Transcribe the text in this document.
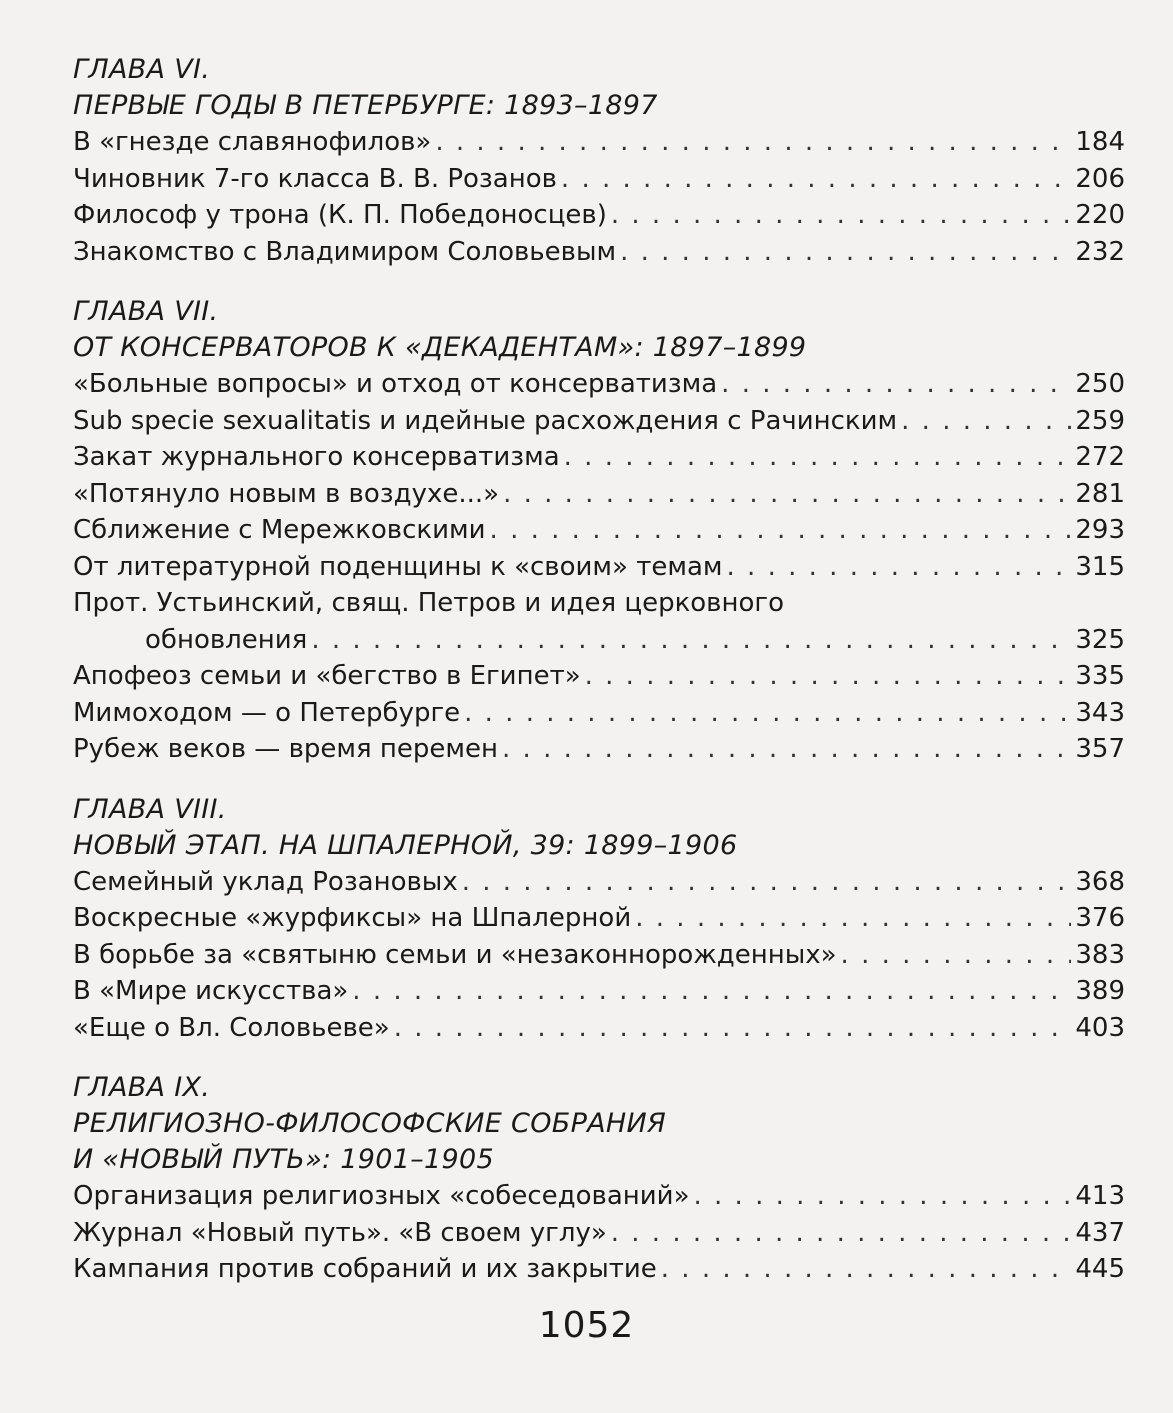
ГЛАВА VI.
ПЕРВЫЕ ГОДЫ В ПЕТЕРБУРГЕ: 1893–1897
В «гнезде славянофилов» . . .	184
Чиновник 7-го класса В. В. Розанов . . .	206
Философ у трона (К. П. Победоносцев) . . .	220
Знакомство с Владимиром Соловьевым . . .	232
ГЛАВА VII.
ОТ КОНСЕРВАТОРОВ К «ДЕКАДЕНТАМ»: 1897–1899
«Больные вопросы» и отход от консерватизма . . .	250
Sub specie sexualitatis и идейные расхождения с Рачинским . . .	259
Закат журнального консерватизма . . .	272
«Потянуло новым в воздухе...» . . .	281
Сближение с Мережковскими . . .	293
От литературной поденщины к «своим» темам . . .	315
Прот. Устьинский, свящ. Петров и идея церковного
обновления . . .	325
Апофеоз семьи и «бегство в Египет» . . .	335
Мимоходом — о Петербурге . . .	343
Рубеж веков — время перемен . . .	357
ГЛАВА VIII.
НОВЫЙ ЭТАП. НА ШПАЛЕРНОЙ, 39: 1899–1906
Семейный уклад Розановых . . .	368
Воскресные «журфиксы» на Шпалерной . . .	376
В борьбе за «святыню семьи и «незаконнорожденных» . . .	383
В «Мире искусства» . . .	389
«Еще о Вл. Соловьеве» . . .	403
ГЛАВА IX.
РЕЛИГИОЗНО-ФИЛОСОФСКИЕ СОБРАНИЯ
И «НОВЫЙ ПУТЬ»: 1901–1905
Организация религиозных «собеседований» . . .	413
Журнал «Новый путь». «В своем углу» . . .	437
Кампания против собраний и их закрытие . . .	445
1052
